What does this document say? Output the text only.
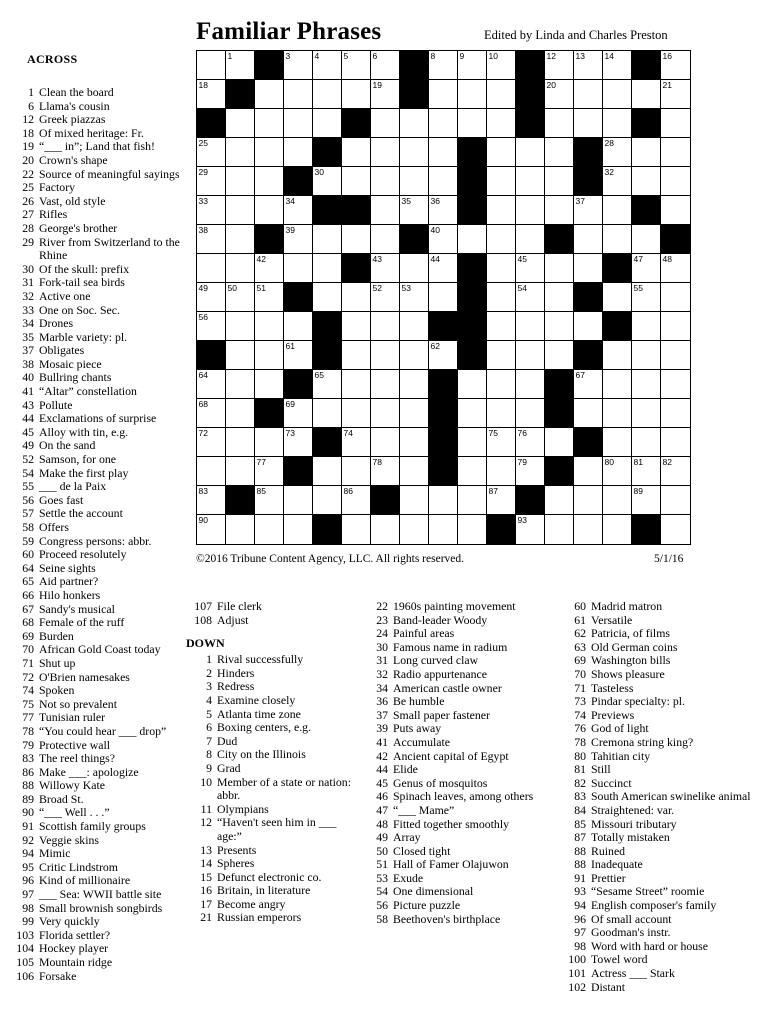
Familiar Phrases	Edited by Linda and Charles Preston
ACROSS	1	3	4	5	6	8	9	10	12 13 14	16
18	19	20	21
25	28
29	30	32
33	34	35 36	37
38	39	40
42	43	44	45	47 48
49 50 51	52 53	54	55
56
61	62
64	65	67
68	69
72	73	74	75 76
77	78	79	80 81 82
83	85	86	87	89
90	93
©2016 Tribune Content Agency, LLC. All rights reserved.	5/1/16
1 Clean the board
6 Llama's cousin
12 Greek piazzas
18 Of mixed heritage: Fr.
19 “___ in”; Land that fish!
20 Crown's shape
22 Source of meaningful sayings
25 Factory
26 Vast, old style
27 Rifles
28 George's brother
29 River from Switzerland to the Rhine
30 Of the skull: prefix
31 Fork-tail sea birds
32 Active one
33 One on Soc. Sec.
34 Drones
35 Marble variety: pl.
37 Obligates
38 Mosaic piece
40 Bullring chants
41 “Altar” constellation
43 Pollute
44 Exclamations of surprise
45 Alloy with tin, e.g.
49 On the sand
52 Samson, for one
54 Make the first play
55 ___ de la Paix
56 Goes fast
57 Settle the account
58 Offers
59 Congress persons: abbr.
60 Proceed resolutely
64 Seine sights
65 Aid partner?
66 Hilo honkers
67 Sandy's musical
68 Female of the ruff
69 Burden
70 African Gold Coast today
71 Shut up
72 O'Brien namesakes
74 Spoken
75 Not so prevalent
77 Tunisian ruler
78 “You could hear ___ drop”
79 Protective wall
83 The reel things?
86 Make ___: apologize
88 Willowy Kate
89 Broad St.
90 “___ Well . . .”
91 Scottish family groups
92 Veggie skins
94 Mimic
95 Critic Lindstrom
96 Kind of millionaire
97 ___ Sea: WWII battle site
98 Small brownish songbirds
99 Very quickly
103 Florida settler?
104 Hockey player
105 Mountain ridge
106 Forsake
107 File clerk
108 Adjust
DOWN
1 Rival successfully
2 Hinders
3 Redress
4 Examine closely
5 Atlanta time zone
6 Boxing centers, e.g.
7 Dud
8 City on the Illinois
9 Grad
10 Member of a state or nation: abbr.
11 Olympians
12 “Haven't seen him in ___ age:”
13 Presents
14 Spheres
15 Defunct electronic co.
16 Britain, in literature
17 Become angry
21 Russian emperors
22 1960s painting movement
23 Band-leader Woody
24 Painful areas
30 Famous name in radium
31 Long curved claw
32 Radio appurtenance
34 American castle owner
36 Be humble
37 Small paper fastener
39 Puts away
41 Accumulate
42 Ancient capital of Egypt
44 Elide
45 Genus of mosquitos
46 Spinach leaves, among others
47 “___ Mame”
48 Fitted together smoothly
49 Array
50 Closed tight
51 Hall of Famer Olajuwon
53 Exude
54 One dimensional
56 Picture puzzle
58 Beethoven's birthplace
60 Madrid matron
61 Versatile
62 Patricia, of films
63 Old German coins
69 Washington bills
70 Shows pleasure
71 Tasteless
73 Pindar specialty: pl.
74 Previews
76 God of light
78 Cremona string king?
80 Tahitian city
81 Still
82 Succinct
83 South American swinelike animal
84 Straightened: var.
85 Missouri tributary
87 Totally mistaken
88 Ruined
88 Inadequate
91 Prettier
93 “Sesame Street” roomie
94 English composer's family
96 Of small account
97 Goodman's instr.
98 Word with hard or house
100 Towel word
101 Actress ___ Stark
102 Distant
